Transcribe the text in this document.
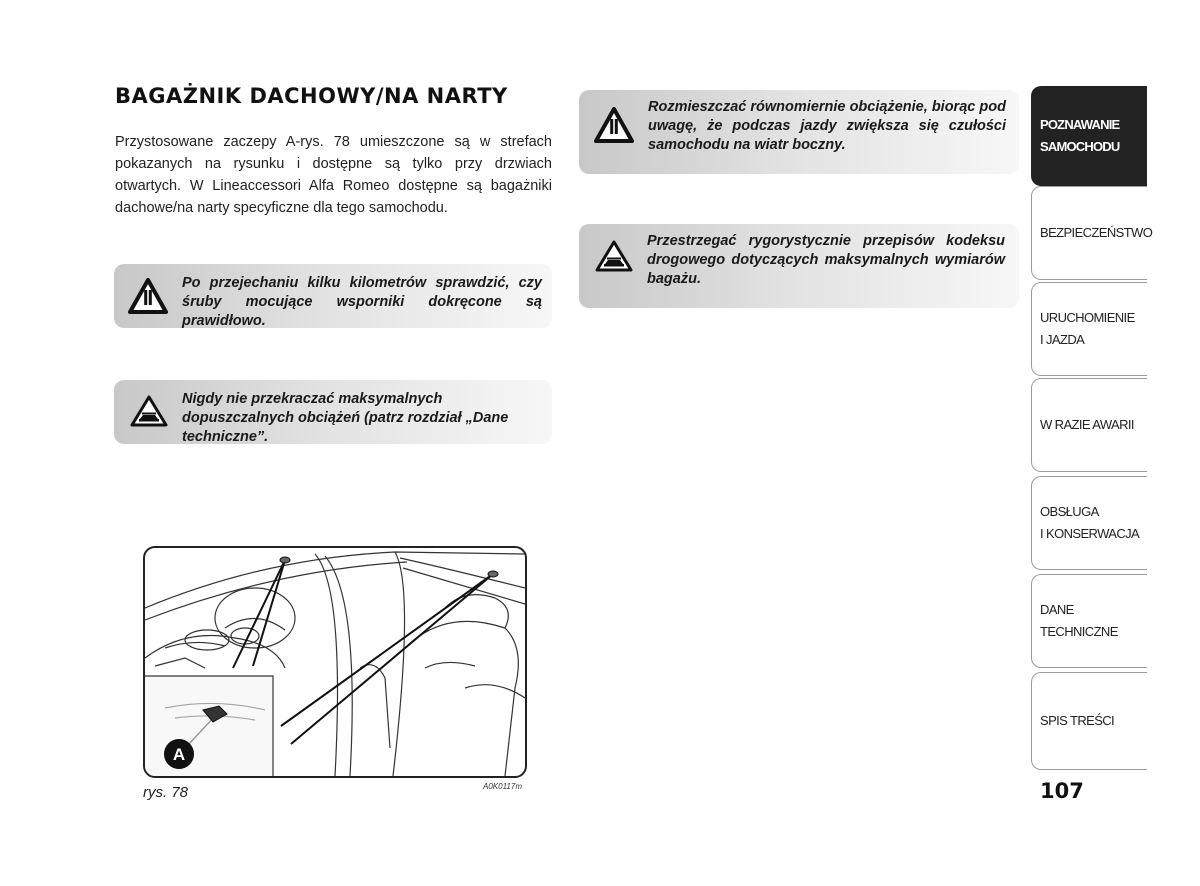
BAGAŻNIK DACHOWY/NA NARTY

Przystosowane zaczepy A-rys. 78 umieszczone są w strefach pokazanych na rysunku i dostępne są tylko przy drzwiach otwartych. W Lineaccessori Alfa Romeo dostępne są bagażniki dachowe/na narty specyficzne dla tego samochodu.

Po przejechaniu kilku kilometrów sprawdzić, czy śruby mocujące wsporniki dokręcone są prawidłowo.

Nigdy nie przekraczać maksymalnych dopuszczalnych obciążeń (patrz rozdział „Dane techniczne”.

Rozmieszczać równomiernie obciążenie, biorąc pod uwagę, że podczas jazdy zwiększa się czułości samochodu na wiatr boczny.

Przestrzegać rygorystycznie przepisów kodeksu drogowego dotyczących maksymalnych wymiarów bagażu.

A
rys. 78	A0K0117m
POZNAWANIE
SAMOCHODU
BEZPIECZEŃSTWO
URUCHOMIENIE
I JAZDA
W RAZIE AWARII
OBSŁUGA
I KONSERWACJA
DANE
TECHNICZNE
SPIS TREŚCI
107
